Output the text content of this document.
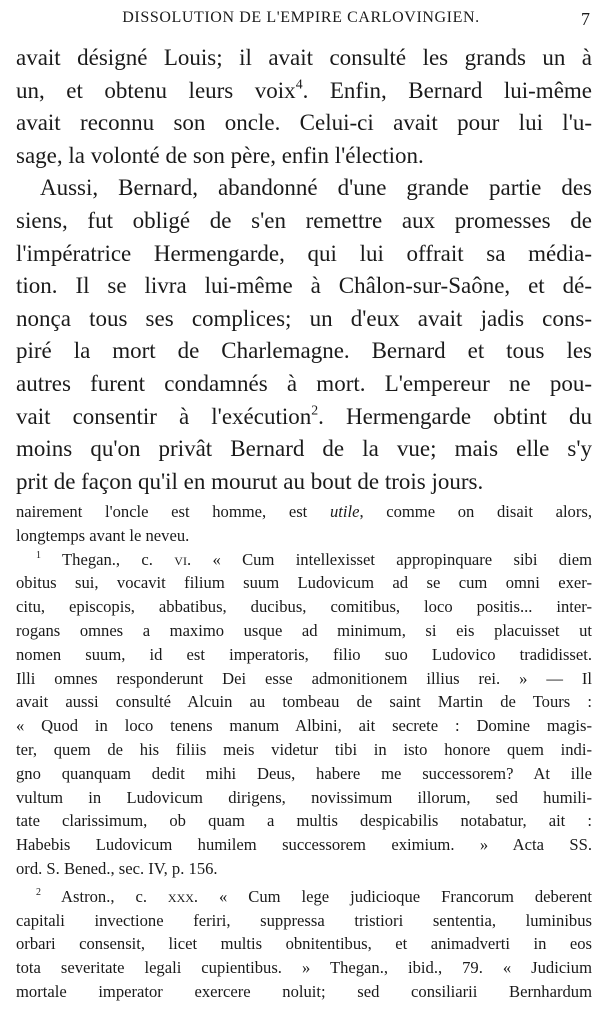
DISSOLUTION DE L'EMPIRE CARLOVINGIEN.	7
avait désigné Louis; il avait consulté les grands un à
un, et obtenu leurs voix$^4$. Enfin, Bernard lui-même
avait reconnu son oncle. Celui-ci avait pour lui l'u-
sage, la volonté de son père, enfin l'élection.
Aussi, Bernard, abandonné d'une grande partie des
siens, fut obligé de s'en remettre aux promesses de
l'impératrice Hermengarde, qui lui offrait sa média-
tion. Il se livra lui-même à Châlon-sur-Saône, et dé-
nonça tous ses complices; un d'eux avait jadis cons-
piré la mort de Charlemagne. Bernard et tous les
autres furent condamnés à mort. L'empereur ne pou-
vait consentir à l'exécution$^2$. Hermengarde obtint du
moins qu'on privât Bernard de la vue; mais elle s'y
prit de façon qu'il en mourut au bout de trois jours.
nairement l'oncle est homme, est utile, comme on disait alors,
longtemps avant le neveu.
$^1$ Thegan., c. vi. « Cum intellexisset appropinquare sibi diem
obitus sui, vocavit filium suum Ludovicum ad se cum omni exer-
citu, episcopis, abbatibus, ducibus, comitibus, loco positis... inter-
rogans omnes a maximo usque ad minimum, si eis placuisset ut
nomen suum, id est imperatoris, filio suo Ludovico tradidisset.
Illi omnes responderunt Dei esse admonitionem illius rei. » — Il
avait aussi consulté Alcuin au tombeau de saint Martin de Tours :
« Quod in loco tenens manum Albini, ait secrete : Domine magis-
ter, quem de his filiis meis videtur tibi in isto honore quem indi-
gno quanquam dedit mihi Deus, habere me successorem? At ille
vultum in Ludovicum dirigens, novissimum illorum, sed humili-
tate clarissimum, ob quam a multis despicabilis notabatur, ait :
Habebis Ludovicum humilem successorem eximium. » Acta SS.
ord. S. Bened., sec. IV, p. 156.
$^2$ Astron., c. xxx. « Cum lege judicioque Francorum deberent
capitali invectione feriri, suppressa tristiori sententia, luminibus
orbari consensit, licet multis obnitentibus, et animadverti in eos
tota severitate legali cupientibus. » Thegan., ibid., 79. « Judicium
mortale imperator exercere noluit; sed consiliarii Bernhardum
